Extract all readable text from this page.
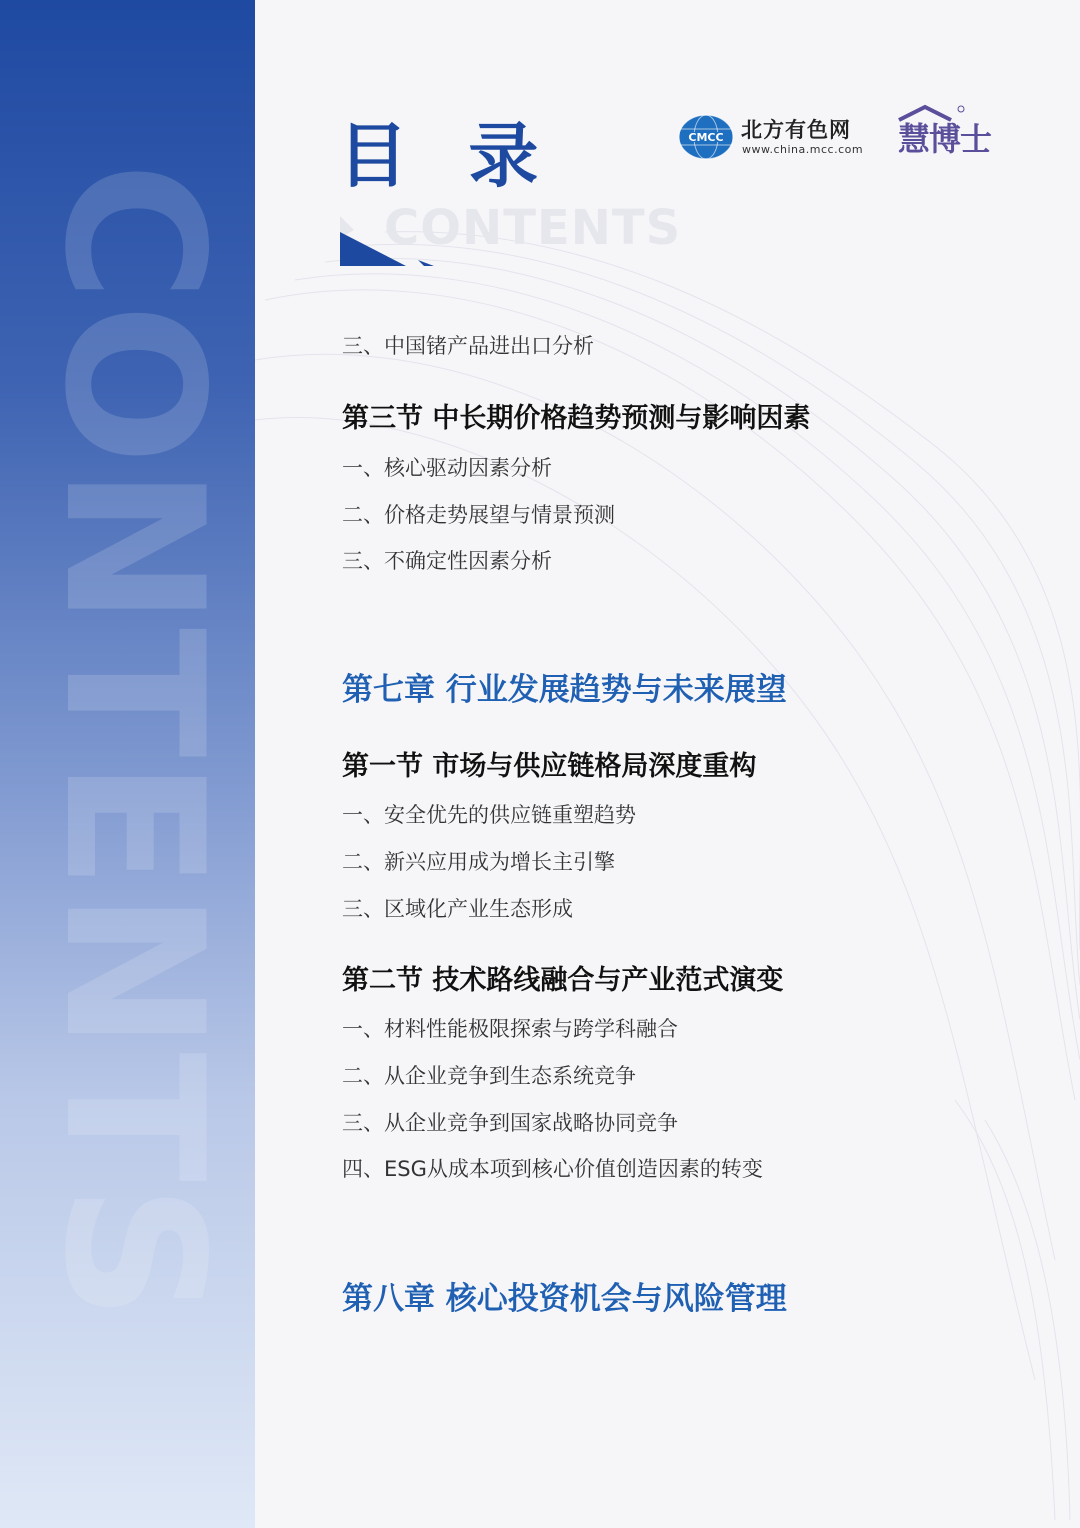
CONTENTS
目 录
CONTENTS
CMCC 北方有色网
www.china.mcc.com 慧博士
三、中国锗产品进出口分析
第三节 中长期价格趋势预测与影响因素
一、核心驱动因素分析
二、价格走势展望与情景预测
三、不确定性因素分析
第七章 行业发展趋势与未来展望
第一节 市场与供应链格局深度重构
一、安全优先的供应链重塑趋势
二、新兴应用成为增长主引擎
三、区域化产业生态形成
第二节 技术路线融合与产业范式演变
一、材料性能极限探索与跨学科融合
二、从企业竞争到生态系统竞争
三、从企业竞争到国家战略协同竞争
四、ESG从成本项到核心价值创造因素的转变
第八章 核心投资机会与风险管理
